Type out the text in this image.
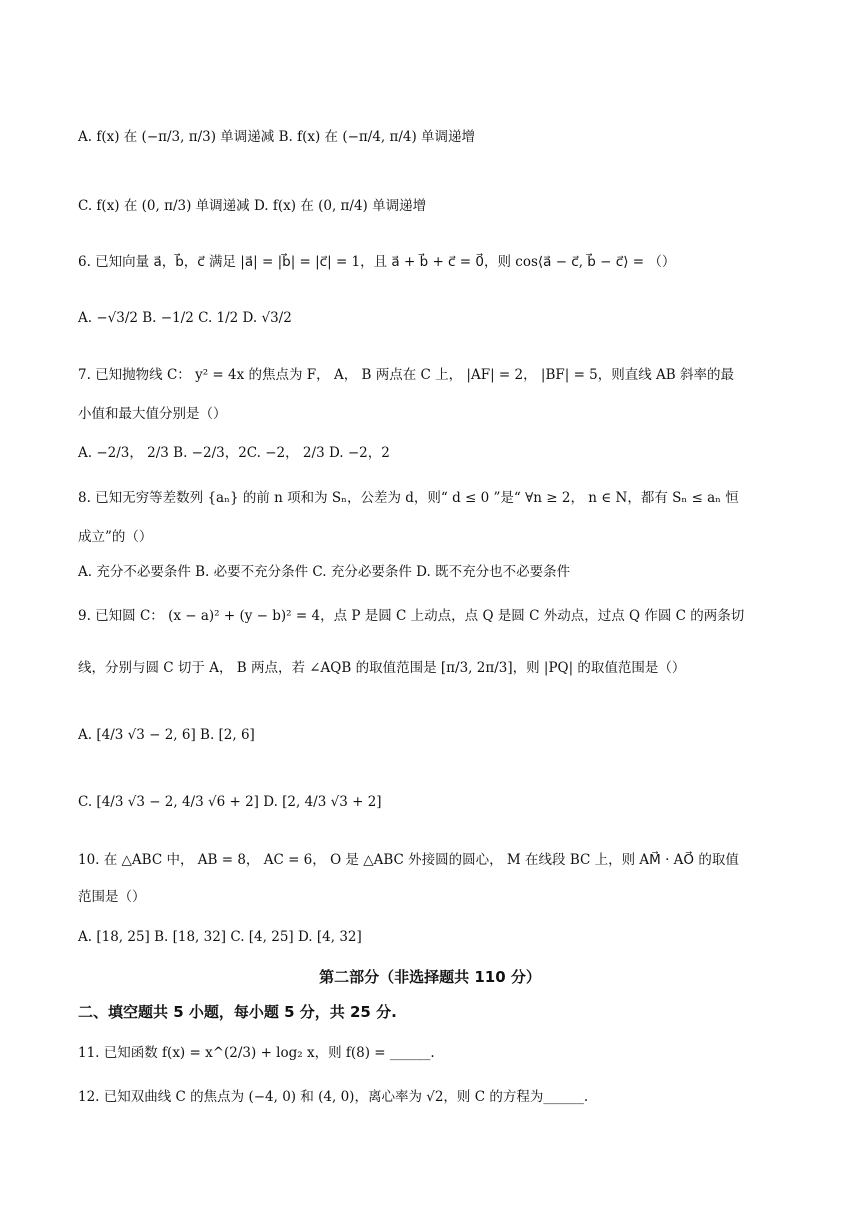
A. f(x) 在 (−π/3, π/3) 单调递减 B. f(x) 在 (−π/4, π/4) 单调递增
C. f(x) 在 (0, π/3) 单调递减 D. f(x) 在 (0, π/4) 单调递增
6. 已知向量 a⃗，b⃗，c⃗ 满足 |a⃗| = |b⃗| = |c⃗| = 1，且 a⃗ + b⃗ + c⃗ = 0⃗，则 cos⟨a⃗ − c⃗, b⃗ − c⃗⟩ = （）
A. −√3/2 B. −1/2 C. 1/2 D. √3/2
7. 已知抛物线 C： y² = 4x 的焦点为 F， A， B 两点在 C 上， |AF| = 2， |BF| = 5，则直线 AB 斜率的最
小值和最大值分别是（）
A. −2/3， 2/3 B. −2/3，2C. −2， 2/3 D. −2，2
8. 已知无穷等差数列 {aₙ} 的前 n 项和为 Sₙ，公差为 d，则“ d ≤ 0 ”是“ ∀n ≥ 2， n ∈ N，都有 Sₙ ≤ aₙ 恒
成立”的（）
A. 充分不必要条件 B. 必要不充分条件 C. 充分必要条件 D. 既不充分也不必要条件
9. 已知圆 C： (x − a)² + (y − b)² = 4，点 P 是圆 C 上动点，点 Q 是圆 C 外动点，过点 Q 作圆 C 的两条切
线，分别与圆 C 切于 A， B 两点，若 ∠AQB 的取值范围是 [π/3, 2π/3]，则 |PQ| 的取值范围是（）
A. [4/3 √3 − 2, 6] B. [2, 6]
C. [4/3 √3 − 2, 4/3 √6 + 2] D. [2, 4/3 √3 + 2]
10. 在 △ABC 中， AB = 8， AC = 6， O 是 △ABC 外接圆的圆心， M 在线段 BC 上，则 AM⃗ · AO⃗ 的取值
范围是（）
A. [18, 25] B. [18, 32] C. [4, 25] D. [4, 32]
第二部分（非选择题共 110 分）
二、填空题共 5 小题，每小题 5 分，共 25 分.
11. 已知函数 f(x) = x^(2/3) + log₂ x，则 f(8) = ______.
12. 已知双曲线 C 的焦点为 (−4, 0) 和 (4, 0)，离心率为 √2，则 C 的方程为______.
